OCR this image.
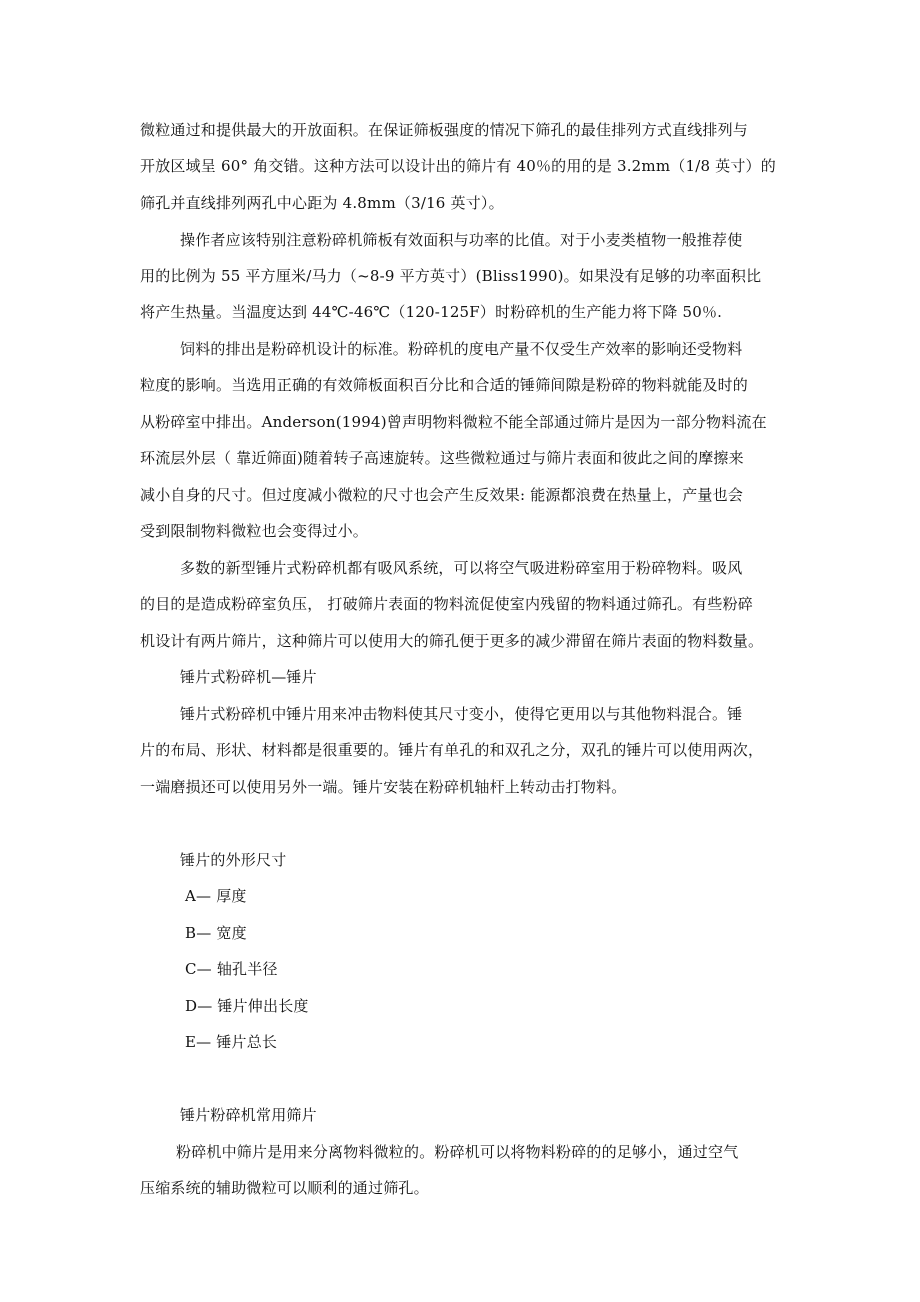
微粒通过和提供最大的开放面积。在保证筛板强度的情况下筛孔的最佳排列方式直线排列与
开放区域呈 60° 角交错。这种方法可以设计出的筛片有 40％的用的是 3.2mm（1/8 英寸）的
筛孔并直线排列两孔中心距为 4.8mm（3/16 英寸）。
操作者应该特别注意粉碎机筛板有效面积与功率的比值。对于小麦类植物一般推荐使
用的比例为 55 平方厘米/马力（~8-9 平方英寸）(Bliss1990)。如果没有足够的功率面积比
将产生热量。当温度达到 44℃-46℃（120-125F）时粉碎机的生产能力将下降 50％.
饲料的排出是粉碎机设计的标准。粉碎机的度电产量不仅受生产效率的影响还受物料
粒度的影响。当选用正确的有效筛板面积百分比和合适的锤筛间隙是粉碎的物料就能及时的
从粉碎室中排出。Anderson(1994)曾声明物料微粒不能全部通过筛片是因为一部分物料流在
环流层外层（ 靠近筛面)随着转子高速旋转。这些微粒通过与筛片表面和彼此之间的摩擦来
减小自身的尺寸。但过度减小微粒的尺寸也会产生反效果: 能源都浪费在热量上，产量也会
受到限制物料微粒也会变得过小。
多数的新型锤片式粉碎机都有吸风系统，可以将空气吸进粉碎室用于粉碎物料。吸风
的目的是造成粉碎室负压， 打破筛片表面的物料流促使室内残留的物料通过筛孔。有些粉碎
机设计有两片筛片，这种筛片可以使用大的筛孔便于更多的减少滞留在筛片表面的物料数量。
锤片式粉碎机—锤片
锤片式粉碎机中锤片用来冲击物料使其尺寸变小，使得它更用以与其他物料混合。锤
片的布局、形状、材料都是很重要的。锤片有单孔的和双孔之分，双孔的锤片可以使用两次，
一端磨损还可以使用另外一端。锤片安装在粉碎机轴杆上转动击打物料。
锤片的外形尺寸
A— 厚度
B— 宽度
C— 轴孔半径
D— 锤片伸出长度
E— 锤片总长
锤片粉碎机常用筛片
粉碎机中筛片是用来分离物料微粒的。粉碎机可以将物料粉碎的的足够小，通过空气
压缩系统的辅助微粒可以顺利的通过筛孔。
